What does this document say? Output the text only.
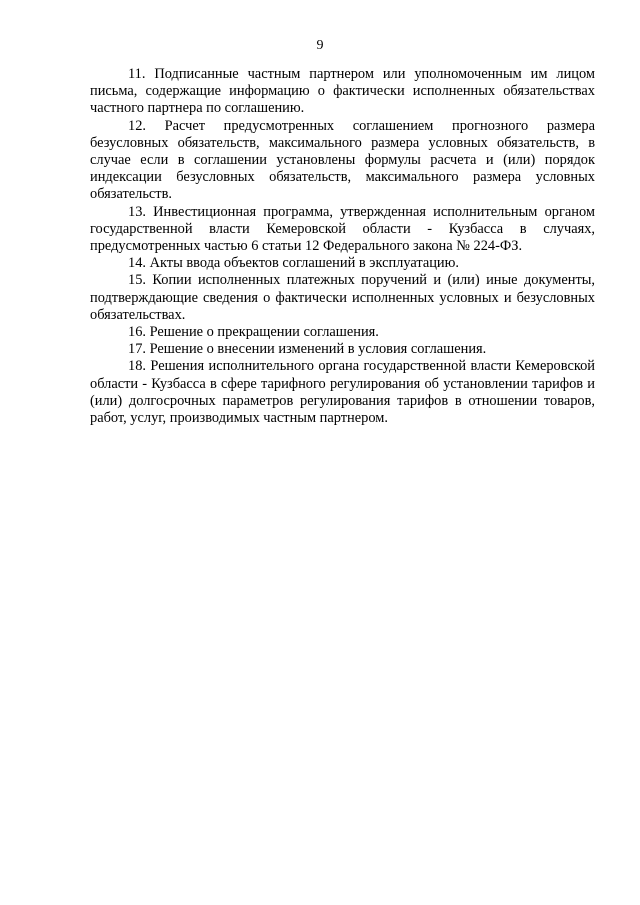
9

11. Подписанные частным партнером или уполномоченным им лицом письма, содержащие информацию о фактически исполненных обязательствах частного партнера по соглашению.

12. Расчет предусмотренных соглашением прогнозного размера безусловных обязательств, максимального размера условных обязательств, в случае если в соглашении установлены формулы расчета и (или) порядок индексации безусловных обязательств, максимального размера условных обязательств.

13. Инвестиционная программа, утвержденная исполнительным органом государственной власти Кемеровской области - Кузбасса в случаях, предусмотренных частью 6 статьи 12 Федерального закона № 224-ФЗ.

14. Акты ввода объектов соглашений в эксплуатацию.

15. Копии исполненных платежных поручений и (или) иные документы, подтверждающие сведения о фактически исполненных условных и безусловных обязательствах.

16. Решение о прекращении соглашения.

17. Решение о внесении изменений в условия соглашения.

18. Решения исполнительного органа государственной власти Кемеровской области - Кузбасса в сфере тарифного регулирования об установлении тарифов и (или) долгосрочных параметров регулирования тарифов в отношении товаров, работ, услуг, производимых частным партнером.
